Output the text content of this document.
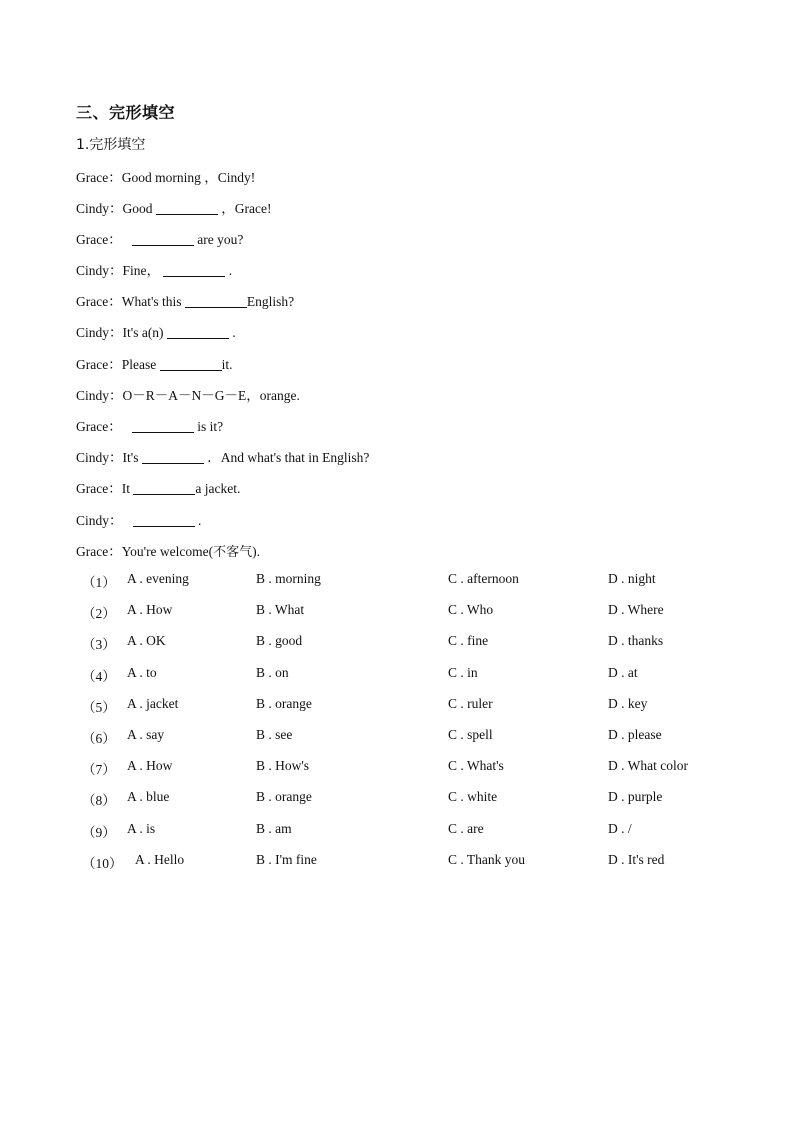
三、完形填空
1.完形填空
Grace：Good morning ，Cindy!
Cindy：Good	，Grace!
Grace：	are you?
Cindy：Fine，	.
Grace：What's this	English?
Cindy：It's a(n)	.
Grace：Please	it.
Cindy：O－R－A－N－G－E，orange.
Grace：	is it?
Cindy：It's	．And what's that in English?
Grace：It	a jacket.
Cindy：	.
Grace：You're welcome(不客气).
（1） A . evening	B . morning	C . afternoon	D . night
（2） A . How	B . What	C . Who	D . Where
（3） A . OK	B . good	C . fine	D . thanks
（4） A . to	B . on	C . in	D . at
（5） A . jacket	B . orange	C . ruler	D . key
（6） A . say	B . see	C . spell	D . please
（7） A . How	B . How's	C . What's	D . What color
（8） A . blue	B . orange	C . white	D . purple
（9） A . is	B . am	C . are	D . /
（10） A . Hello	B . I'm fine	C . Thank you	D . It's red
